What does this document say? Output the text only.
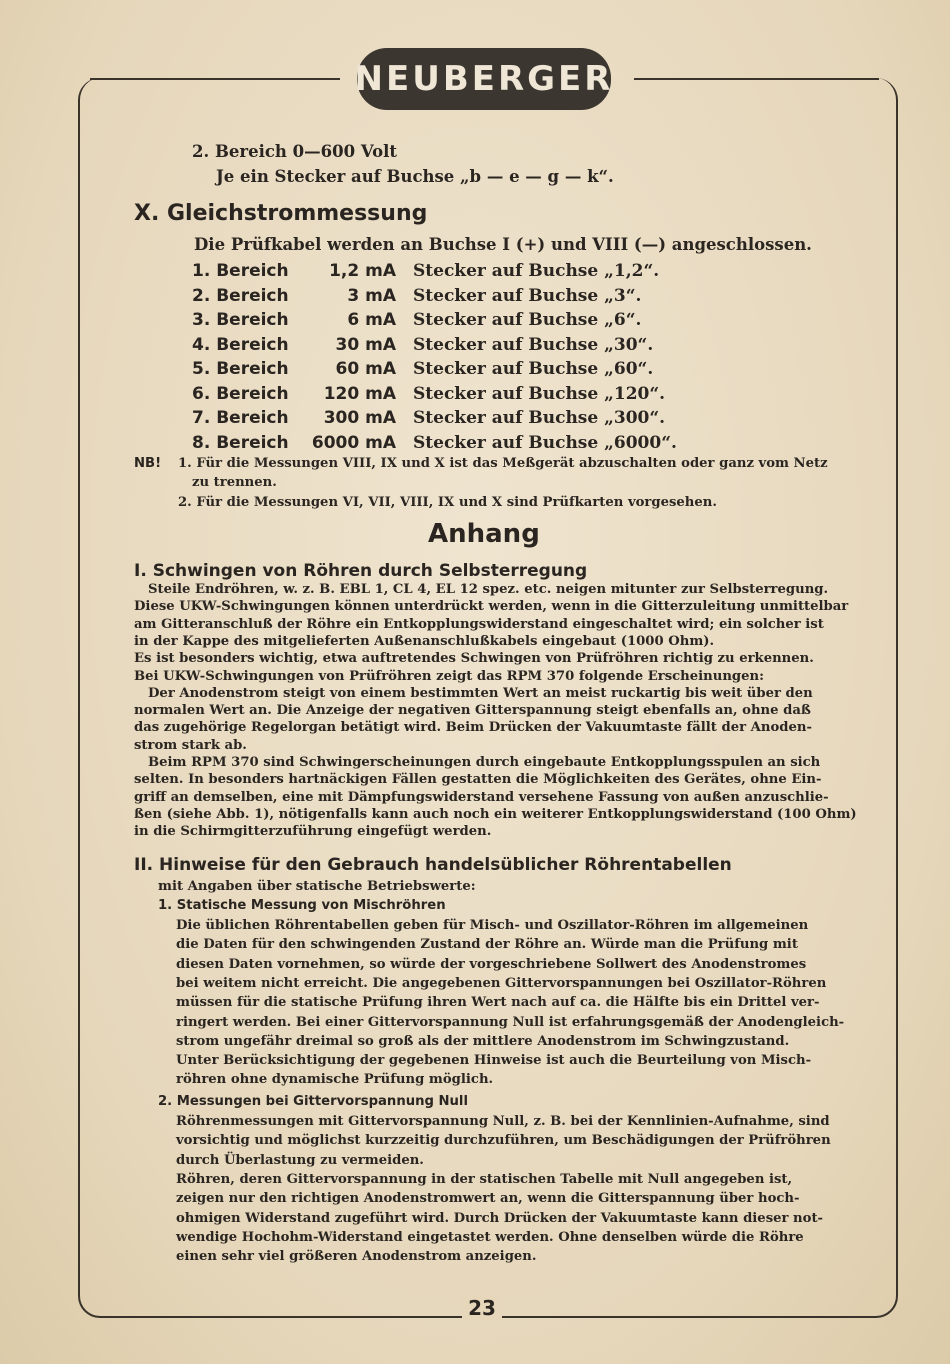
NEUBERGER
2. Bereich 0—600 Volt
Je ein Stecker auf Buchse „b — e — g — k“.
X. Gleichstrommessung
Die Prüfkabel werden an Buchse I (+) und VIII (—) angeschlossen.
1. Bereich	1,2 mA Stecker auf Buchse „1,2“.
2. Bereich	3 mA Stecker auf Buchse „3“.
3. Bereich	6 mA Stecker auf Buchse „6“.
4. Bereich	30 mA Stecker auf Buchse „30“.
5. Bereich	60 mA Stecker auf Buchse „60“.
6. Bereich	120 mA Stecker auf Buchse „120“.
7. Bereich	300 mA Stecker auf Buchse „300“.
8. Bereich	6000 mA Stecker auf Buchse „6000“.
NB! 1. Für die Messungen VIII, IX und X ist das Meßgerät abzuschalten oder ganz vom Netz
zu trennen.
2. Für die Messungen VI, VII, VIII, IX und X sind Prüfkarten vorgesehen.
Anhang
I. Schwingen von Röhren durch Selbsterregung
Steile Endröhren, w. z. B. EBL 1, CL 4, EL 12 spez. etc. neigen mitunter zur Selbsterregung.
Diese UKW-Schwingungen können unterdrückt werden, wenn in die Gitterzuleitung unmittelbar
am Gitteranschluß der Röhre ein Entkopplungswiderstand eingeschaltet wird; ein solcher ist
in der Kappe des mitgelieferten Außenanschlußkabels eingebaut (1000 Ohm).
Es ist besonders wichtig, etwa auftretendes Schwingen von Prüfröhren richtig zu erkennen.
Bei UKW-Schwingungen von Prüfröhren zeigt das RPM 370 folgende Erscheinungen:
Der Anodenstrom steigt von einem bestimmten Wert an meist ruckartig bis weit über den
normalen Wert an. Die Anzeige der negativen Gitterspannung steigt ebenfalls an, ohne daß
das zugehörige Regelorgan betätigt wird. Beim Drücken der Vakuumtaste fällt der Anoden-
strom stark ab.
Beim RPM 370 sind Schwingerscheinungen durch eingebaute Entkopplungsspulen an sich
selten. In besonders hartnäckigen Fällen gestatten die Möglichkeiten des Gerätes, ohne Ein-
griff an demselben, eine mit Dämpfungswiderstand versehene Fassung von außen anzuschlie-
ßen (siehe Abb. 1), nötigenfalls kann auch noch ein weiterer Entkopplungswiderstand (100 Ohm)
in die Schirmgitterzuführung eingefügt werden.
II. Hinweise für den Gebrauch handelsüblicher Röhrentabellen
mit Angaben über statische Betriebswerte:
1. Statische Messung von Mischröhren
Die üblichen Röhrentabellen geben für Misch- und Oszillator-Röhren im allgemeinen
die Daten für den schwingenden Zustand der Röhre an. Würde man die Prüfung mit
diesen Daten vornehmen, so würde der vorgeschriebene Sollwert des Anodenstromes
bei weitem nicht erreicht. Die angegebenen Gittervorspannungen bei Oszillator-Röhren
müssen für die statische Prüfung ihren Wert nach auf ca. die Hälfte bis ein Drittel ver-
ringert werden. Bei einer Gittervorspannung Null ist erfahrungsgemäß der Anodengleich-
strom ungefähr dreimal so groß als der mittlere Anodenstrom im Schwingzustand.
Unter Berücksichtigung der gegebenen Hinweise ist auch die Beurteilung von Misch-
röhren ohne dynamische Prüfung möglich.
2. Messungen bei Gittervorspannung Null
Röhrenmessungen mit Gittervorspannung Null, z. B. bei der Kennlinien-Aufnahme, sind
vorsichtig und möglichst kurzzeitig durchzuführen, um Beschädigungen der Prüfröhren
durch Überlastung zu vermeiden.
Röhren, deren Gittervorspannung in der statischen Tabelle mit Null angegeben ist,
zeigen nur den richtigen Anodenstromwert an, wenn die Gitterspannung über hoch-
ohmigen Widerstand zugeführt wird. Durch Drücken der Vakuumtaste kann dieser not-
wendige Hochohm-Widerstand eingetastet werden. Ohne denselben würde die Röhre
einen sehr viel größeren Anodenstrom anzeigen.
23
